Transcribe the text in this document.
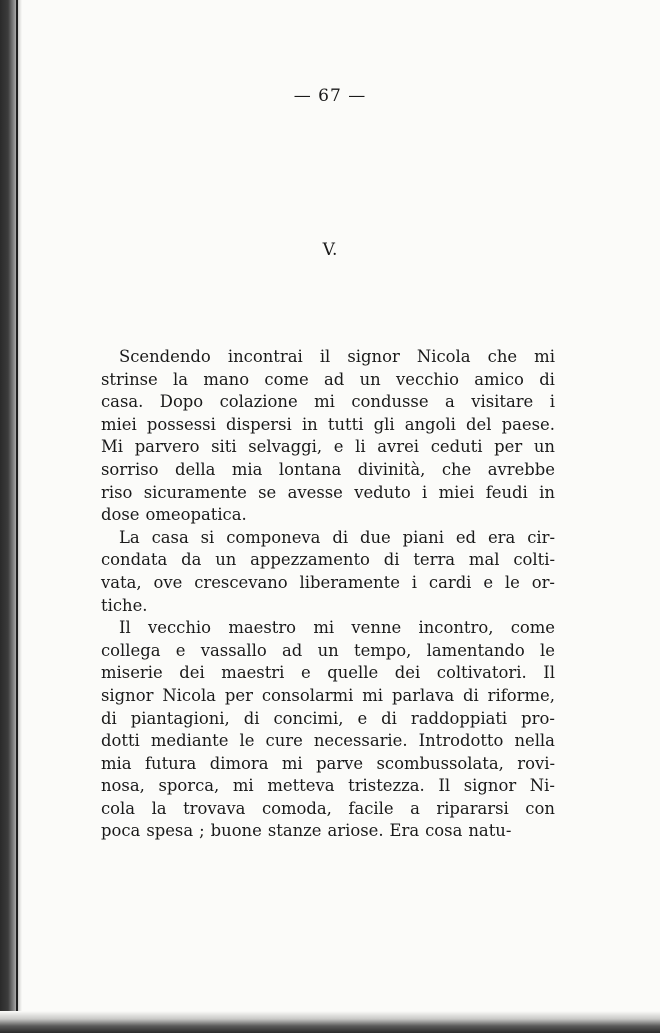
— 67 —
V.
Scendendo incontrai il signor Nicola che mi
strinse la mano come ad un vecchio amico di
casa. Dopo colazione mi condusse a visitare i
miei possessi dispersi in tutti gli angoli del paese.
Mi parvero siti selvaggi, e li avrei ceduti per un
sorriso della mia lontana divinità, che avrebbe
riso sicuramente se avesse veduto i miei feudi in
dose omeopatica.
La casa si componeva di due piani ed era cir-
condata da un appezzamento di terra mal colti-
vata, ove crescevano liberamente i cardi e le or-
tiche.
Il vecchio maestro mi venne incontro, come
collega e vassallo ad un tempo, lamentando le
miserie dei maestri e quelle dei coltivatori. Il
signor Nicola per consolarmi mi parlava di riforme,
di piantagioni, di concimi, e di raddoppiati pro-
dotti mediante le cure necessarie. Introdotto nella
mia futura dimora mi parve scombussolata, rovi-
nosa, sporca, mi metteva tristezza. Il signor Ni-
cola la trovava comoda, facile a ripararsi con
poca spesa ; buone stanze ariose. Era cosa natu-
